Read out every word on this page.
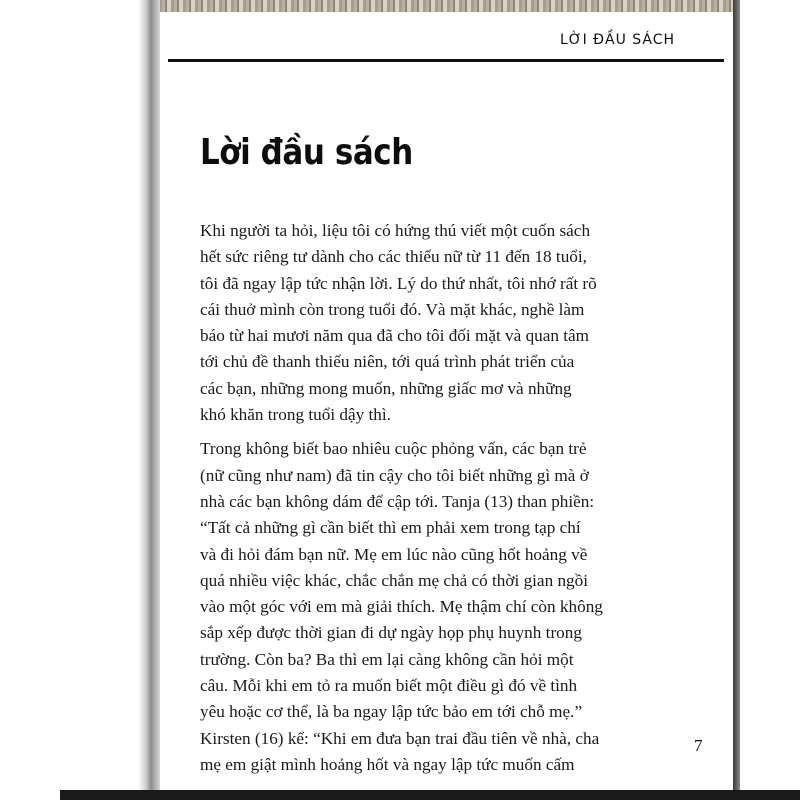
LỜI ĐẦU SÁCH
Lời đầu sách
Khi người ta hỏi, liệu tôi có hứng thú viết một cuốn sách
hết sức riêng tư dành cho các thiếu nữ từ 11 đến 18 tuổi,
tôi đã ngay lập tức nhận lời. Lý do thứ nhất, tôi nhớ rất rõ
cái thuở mình còn trong tuổi đó. Và mặt khác, nghề làm
báo từ hai mươi năm qua đã cho tôi đối mặt và quan tâm
tới chủ đề thanh thiếu niên, tới quá trình phát triển của
các bạn, những mong muốn, những giấc mơ và những
khó khăn trong tuổi dậy thì.
Trong không biết bao nhiêu cuộc phỏng vấn, các bạn trẻ
(nữ cũng như nam) đã tin cậy cho tôi biết những gì mà ở
nhà các bạn không dám để cập tới. Tanja (13) than phiền:
“Tất cả những gì cần biết thì em phải xem trong tạp chí
và đi hỏi đám bạn nữ. Mẹ em lúc nào cũng hốt hoảng về
quá nhiều việc khác, chắc chắn mẹ chả có thời gian ngồi
vào một góc với em mà giải thích. Mẹ thậm chí còn không
sắp xếp được thời gian đi dự ngày họp phụ huynh trong
trường. Còn ba? Ba thì em lại càng không cần hỏi một
câu. Mỗi khi em tỏ ra muốn biết một điều gì đó về tình
yêu hoặc cơ thể, là ba ngay lập tức bảo em tới chỗ mẹ.”
Kirsten (16) kể: “Khi em đưa bạn trai đầu tiên về nhà, cha
mẹ em giật mình hoảng hốt và ngay lập tức muốn cấm
7
